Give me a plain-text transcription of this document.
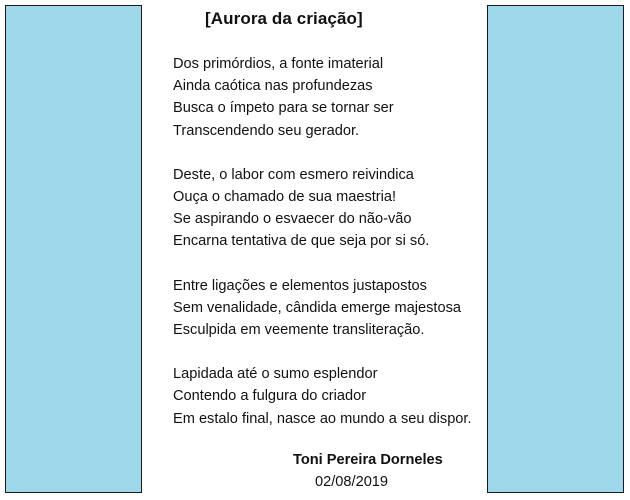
[Aurora da criação]
Dos primórdios, a fonte imaterial
Ainda caótica nas profundezas
Busca o ímpeto para se tornar ser
Transcendendo seu gerador.
Deste, o labor com esmero reivindica
Ouça o chamado de sua maestria!
Se aspirando o esvaecer do não-vão
Encarna tentativa de que seja por si só.
Entre ligações e elementos justapostos
Sem venalidade, cândida emerge majestosa
Esculpida em veemente transliteração.
Lapidada até o sumo esplendor
Contendo a fulgura do criador
Em estalo final, nasce ao mundo a seu dispor.
Toni Pereira Dorneles
02/08/2019
